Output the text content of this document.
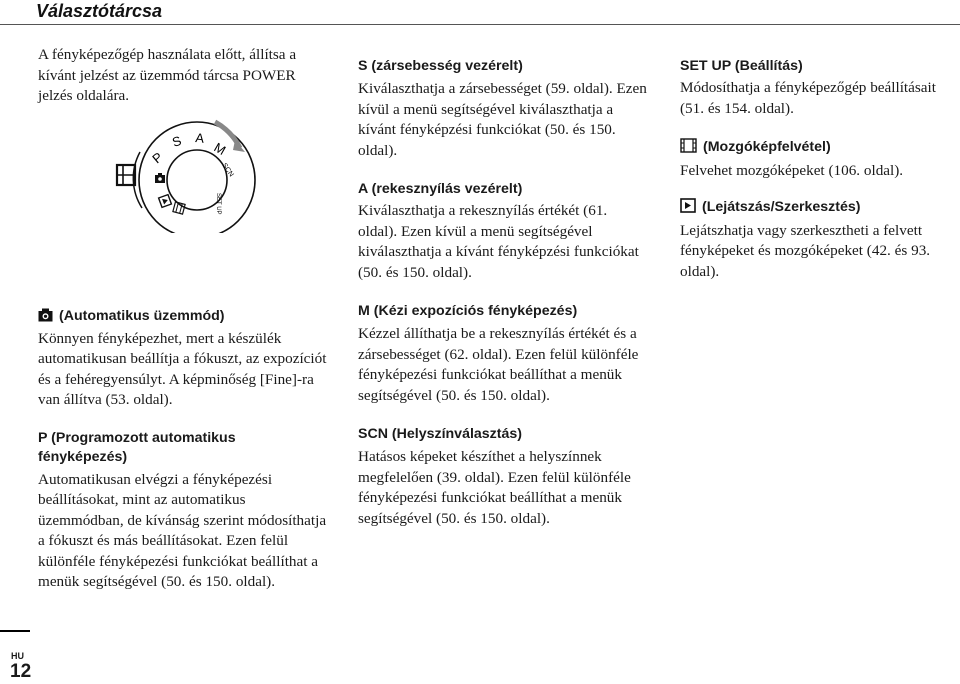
Választótárcsa

A fényképezőgép használata előtt, állítsa a kívánt jelzést az üzemmód tárcsa POWER jelzés oldalára.

(Automatikus üzemmód)

Könnyen fényképezhet, mert a készülék automatikusan beállítja a fókuszt, az expozíciót és a fehéregyensúlyt. A képminőség [Fine]-ra van állítva (53. oldal).

P (Programozott automatikus fényképezés)

Automatikusan elvégzi a fényképezési beállításokat, mint az automatikus üzemmódban, de kívánság szerint módosíthatja a fókuszt és más beállításokat. Ezen felül különféle fényképezési funkciókat beállíthat a menük segítségével (50. és 150. oldal).

P
S A
M
SCN
SET UP
S (zársebesség vezérelt)

Kiválaszthatja a zársebességet (59. oldal). Ezen kívül a menü segítségével kiválaszthatja a kívánt fényképzési funkciókat (50. és 150. oldal).

A (rekesznyílás vezérelt)

Kiválaszthatja a rekesznyílás értékét (61. oldal). Ezen kívül a menü segítségével kiválaszthatja a kívánt fényképzési funkciókat (50. és 150. oldal).

M (Kézi expozíciós fényképezés)

Kézzel állíthatja be a rekesznyílás értékét és a zársebességet (62. oldal). Ezen felül különféle fényképezési funkciókat beállíthat a menük segítségével (50. és 150. oldal).

SCN (Helyszínválasztás)

Hatásos képeket készíthet a helyszínnek megfelelően (39. oldal). Ezen felül különféle fényképezési funkciókat beállíthat a menük segítségével (50. és 150. oldal).

SET UP (Beállítás)

Módosíthatja a fényképezőgép beállításait (51. és 154. oldal).

(Mozgóképfelvétel)

Felvehet mozgóképeket (106. oldal).

(Lejátszás/Szerkesztés)

Lejátszhatja vagy szerkesztheti a felvett fényképeket és mozgóképeket (42. és 93. oldal).

HU
12
